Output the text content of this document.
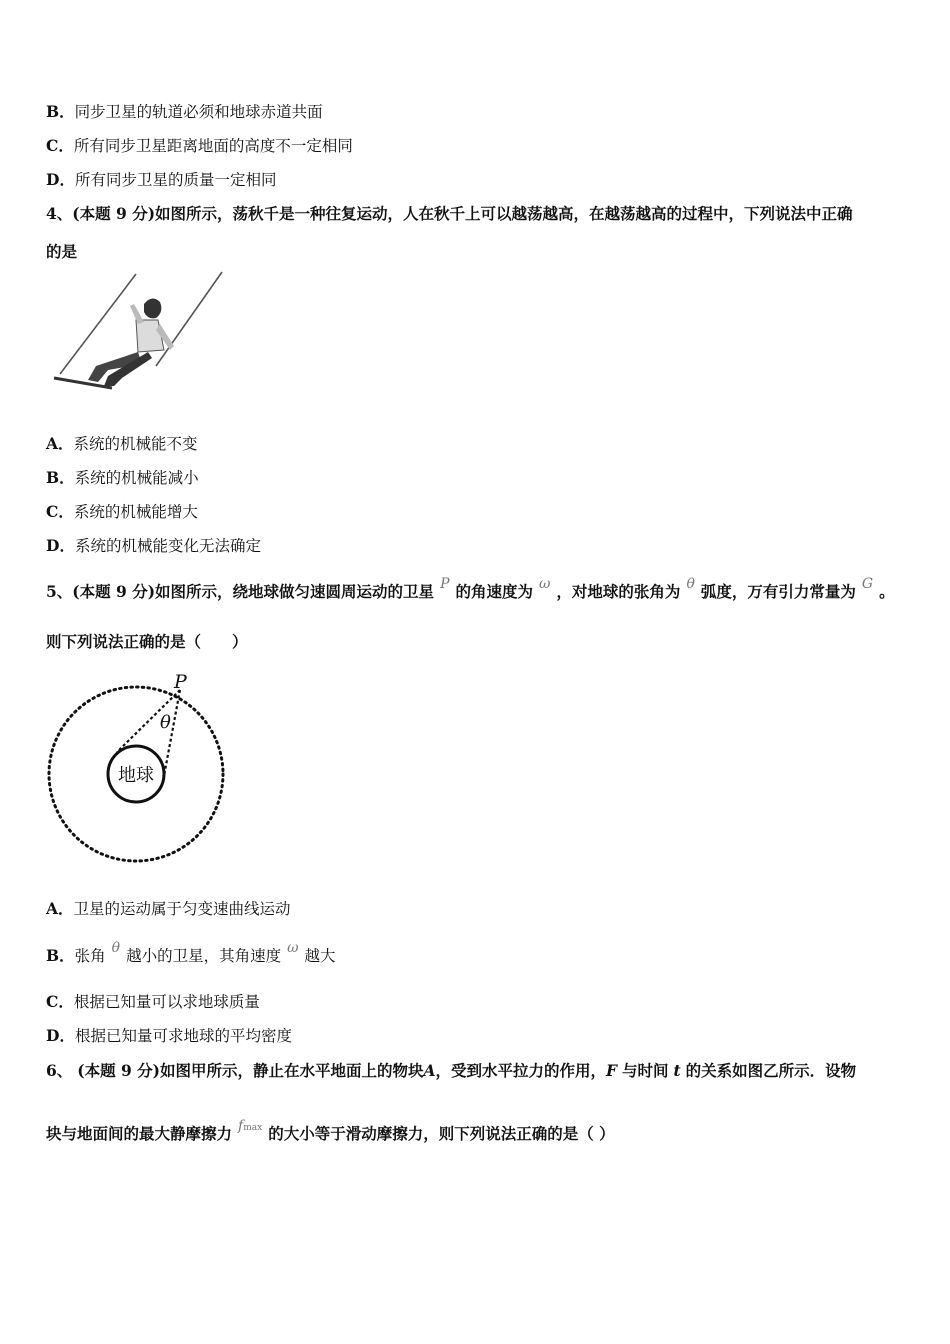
B．同步卫星的轨道必须和地球赤道共面
C．所有同步卫星距离地面的高度不一定相同
D．所有同步卫星的质量一定相同
4、(本题 9 分)如图所示，荡秋千是一种往复运动，人在秋千上可以越荡越高，在越荡越高的过程中，下列说法中正确
的是
A．系统的机械能不变
B．系统的机械能减小
C．系统的机械能增大
D．系统的机械能变化无法确定
5、(本题 9 分)如图所示，绕地球做匀速圆周运动的卫星 P 的角速度为 ω ，对地球的张角为 θ 弧度，万有引力常量为 G 。
则下列说法正确的是（　　）
P
θ
地球
A．卫星的运动属于匀变速曲线运动
B．张角 θ 越小的卫星，其角速度 ω 越大
C．根据已知量可以求地球质量
D．根据已知量可求地球的平均密度
6、 (本题 9 分)如图甲所示，静止在水平地面上的物块A，受到水平拉力的作用，F 与时间 t 的关系如图乙所示．设物
块与地面间的最大静摩擦力 fmax 的大小等于滑动摩擦力，则下列说法正确的是（ ）
